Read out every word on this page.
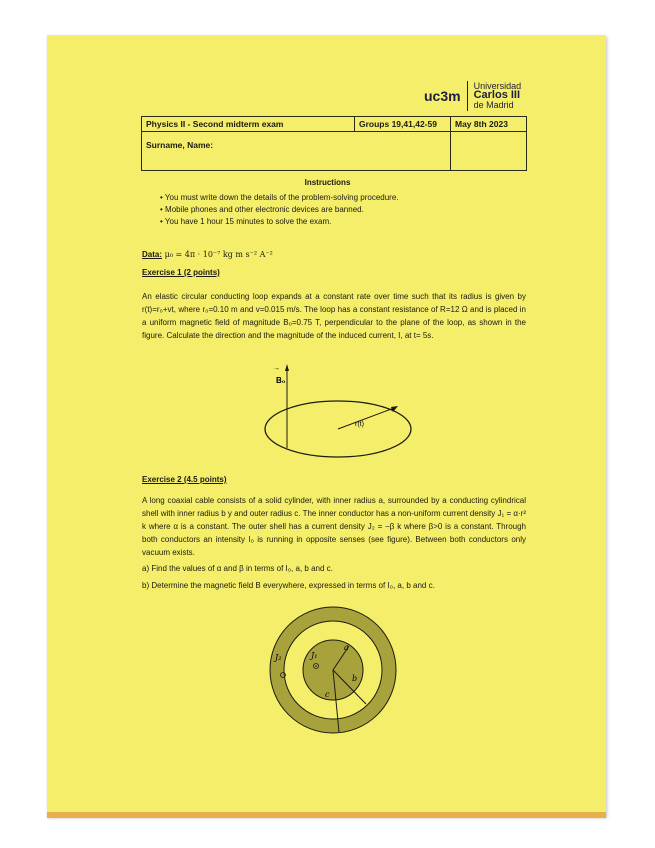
uc3m
Universidad
Carlos III
de Madrid
Physics II - Second midterm exam	Groups 19,41,42-59	May 8th 2023
Surname, Name:		
Instructions
• You must write down the details of the problem-solving procedure.
• Mobile phones and other electronic devices are banned.
• You have 1 hour 15 minutes to solve the exam.
Data: μ₀ = 4π · 10⁻⁷ kg m s⁻² A⁻²
Exercise 1 (2 points)
An elastic circular conducting loop expands at a constant rate over time such that its radius is given by r(t)=r₀+vt, where r₀=0.10 m and v=0.015 m/s. The loop has a constant resistance of R=12 Ω and is placed in a uniform magnetic field of magnitude B₀=0.75 T, perpendicular to the plane of the loop, as shown in the figure. Calculate the direction and the magnitude of the induced current, I, at t= 5s.
B₀
→
r(t)
J₁
J₂
a
b
c
Exercise 2 (4.5 points)
A long coaxial cable consists of a solid cylinder, with inner radius a, surrounded by a conducting cylindrical shell with inner radius b y and outer radius c. The inner conductor has a non-uniform current density J₁ = α·r² k where α is a constant. The outer shell has a current density J₂ = −β k where β>0 is a constant. Through both conductors an intensity I₀ is running in opposite senses (see figure). Between both conductors only vacuum exists.
a) Find the values of α and β in terms of I₀, a, b and c.
b) Determine the magnetic field B everywhere, expressed in terms of I₀, a, b and c.
